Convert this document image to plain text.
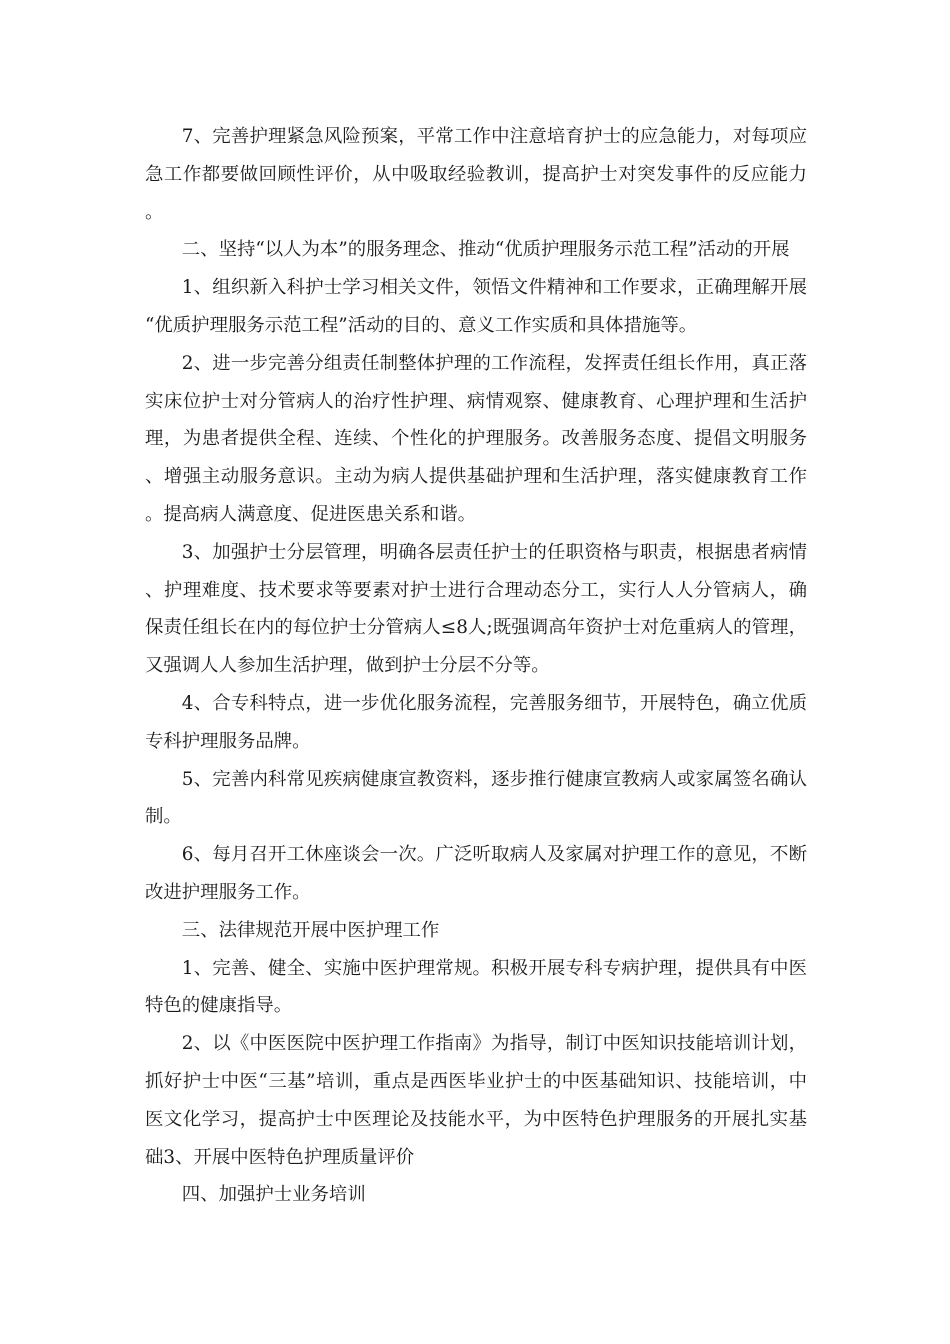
7、完善护理紧急风险预案，平常工作中注意培育护士的应急能力，对每项应急工作都要做回顾性评价，从中吸取经验教训，提高护士对突发事件的反应能力。

二、坚持“以人为本”的服务理念、推动“优质护理服务示范工程”活动的开展

1、组织新入科护士学习相关文件，领悟文件精神和工作要求，正确理解开展“优质护理服务示范工程”活动的目的、意义工作实质和具体措施等。

2、进一步完善分组责任制整体护理的工作流程，发挥责任组长作用，真正落实床位护士对分管病人的治疗性护理、病情观察、健康教育、心理护理和生活护理，为患者提供全程、连续、个性化的护理服务。改善服务态度、提倡文明服务、增强主动服务意识。主动为病人提供基础护理和生活护理，落实健康教育工作。提高病人满意度、促进医患关系和谐。

3、加强护士分层管理，明确各层责任护士的任职资格与职责，根据患者病情、护理难度、技术要求等要素对护士进行合理动态分工，实行人人分管病人，确保责任组长在内的每位护士分管病人≤8人;既强调高年资护士对危重病人的管理，又强调人人参加生活护理，做到护士分层不分等。

4、合专科特点，进一步优化服务流程，完善服务细节，开展特色，确立优质专科护理服务品牌。

5、完善内科常见疾病健康宣教资料，逐步推行健康宣教病人或家属签名确认制。

6、每月召开工休座谈会一次。广泛听取病人及家属对护理工作的意见，不断改进护理服务工作。

三、法律规范开展中医护理工作

1、完善、健全、实施中医护理常规。积极开展专科专病护理，提供具有中医特色的健康指导。

2、以《中医医院中医护理工作指南》为指导，制订中医知识技能培训计划，抓好护士中医“三基”培训，重点是西医毕业护士的中医基础知识、技能培训，中医文化学习，提高护士中医理论及技能水平，为中医特色护理服务的开展扎实基础3、开展中医特色护理质量评价

四、加强护士业务培训
